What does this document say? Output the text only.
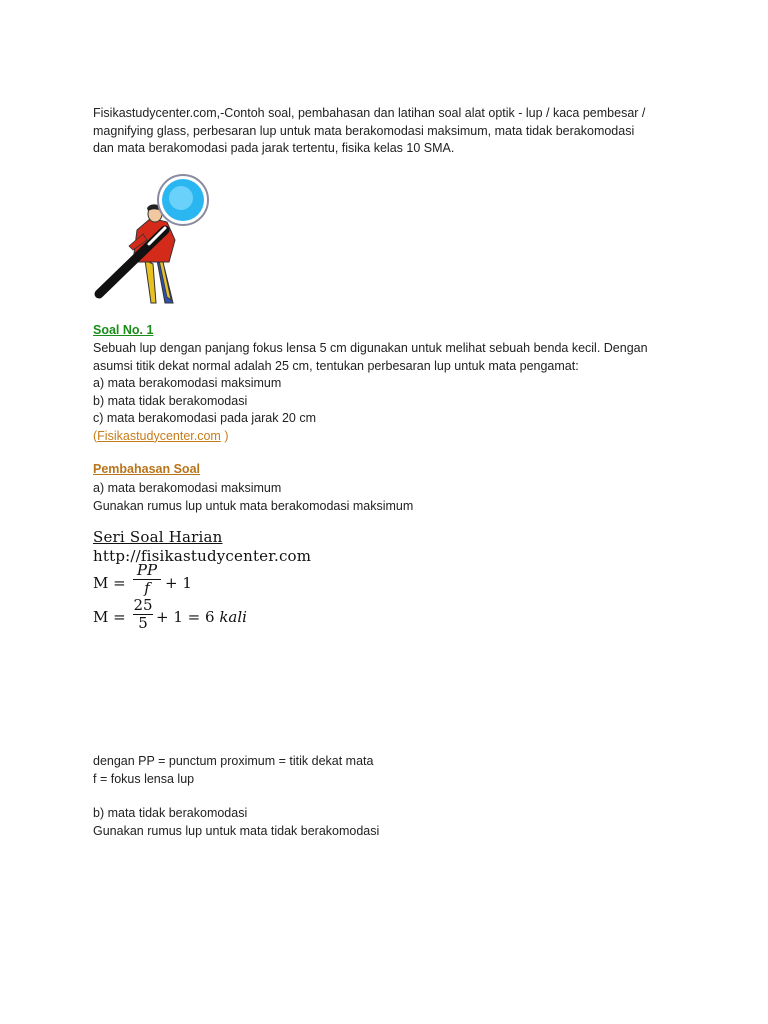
Fisikastudycenter.com,-Contoh soal, pembahasan dan latihan soal alat optik - lup / kaca pembesar /

magnifying glass, perbesaran lup untuk mata berakomodasi maksimum, mata tidak berakomodasi

dan mata berakomodasi pada jarak tertentu, fisika kelas 10 SMA.

Soal No. 1

Sebuah lup dengan panjang fokus lensa 5 cm digunakan untuk melihat sebuah benda kecil. Dengan

asumsi titik dekat normal adalah 25 cm, tentukan perbesaran lup untuk mata pengamat:

a) mata berakomodasi maksimum

b) mata tidak berakomodasi

c) mata berakomodasi pada jarak 20 cm

(Fisikastudycenter.com )

Pembahasan Soal

a) mata berakomodasi maksimum

Gunakan rumus lup untuk mata berakomodasi maksimum

Seri Soal Harian
http://fisikastudycenter.com
M =
PP
f	+ 1
M =
25
5 + 1 = 6 kali

dengan PP = punctum proximum = titik dekat mata

f = fokus lensa lup

b) mata tidak berakomodasi

Gunakan rumus lup untuk mata tidak berakomodasi
